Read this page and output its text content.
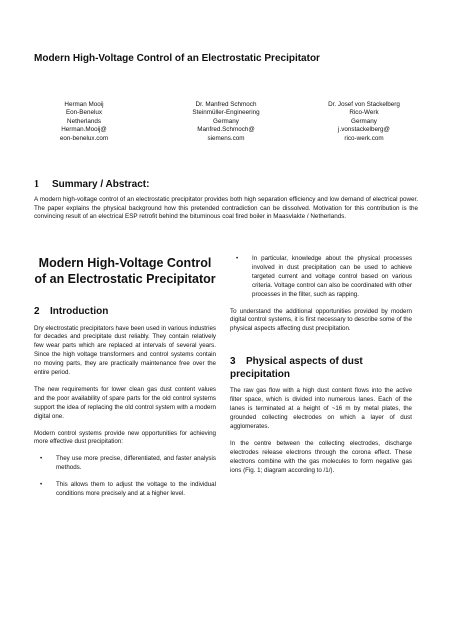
Modern High-Voltage Control of an Electrostatic Precipitator
Herman Mooij
Eon-Benelux
Netherlands
Herman.Mooij@
eon-benelux.com
Dr. Manfred Schmoch
Steinmüller-Engineering
Germany
Manfred.Schmoch@
siemens.com
Dr. Josef von Stackelberg
Rico-Werk
Germany
j.vonstackelberg@
rico-werk.com
1 Summary / Abstract:
A modern high-voltage control of an electrostatic precipitator provides both high separation efficiency and low demand of electrical power. The paper explains the physical background how this pretended contradiction can be dissolved. Motivation for this contribution is the convincing result of an electrical ESP retrofit behind the bituminous coal fired boiler in Maasvlakte / Netherlands.
Modern High-Voltage Control of an Electrostatic Precipitator
2 Introduction

Dry electrostatic precipitators have been used in various industries for decades and precipitate dust reliably. They contain relatively few wear parts which are replaced at intervals of several years. Since the high voltage transformers and control systems contain no moving parts, they are practically maintenance free over the entire period.

The new requirements for lower clean gas dust content values and the poor availability of spare parts for the old control systems support the idea of replacing the old control system with a modern digital one.

Modern control systems provide new opportunities for achieving more effective dust precipitation:

• They use more precise, differentiated, and faster analysis methods.
• This allows them to adjust the voltage to the individual conditions more precisely and at a higher level.
• In particular, knowledge about the physical processes involved in dust precipitation can be used to achieve targeted current and voltage control based on various criteria. Voltage control can also be coordinated with other processes in the filter, such as rapping.

To understand the additional opportunities provided by modern digital control systems, it is first necessary to describe some of the physical aspects affecting dust precipitation.

3 Physical aspects of dust precipitation

The raw gas flow with a high dust content flows into the active filter space, which is divided into numerous lanes. Each of the lanes is terminated at a height of ~16 m by metal plates, the grounded collecting electrodes on which a layer of dust agglomerates.

In the centre between the collecting electrodes, discharge electrodes release electrons through the corona effect. These electrons combine with the gas molecules to form negative gas ions (Fig. 1; diagram according to /1/).
